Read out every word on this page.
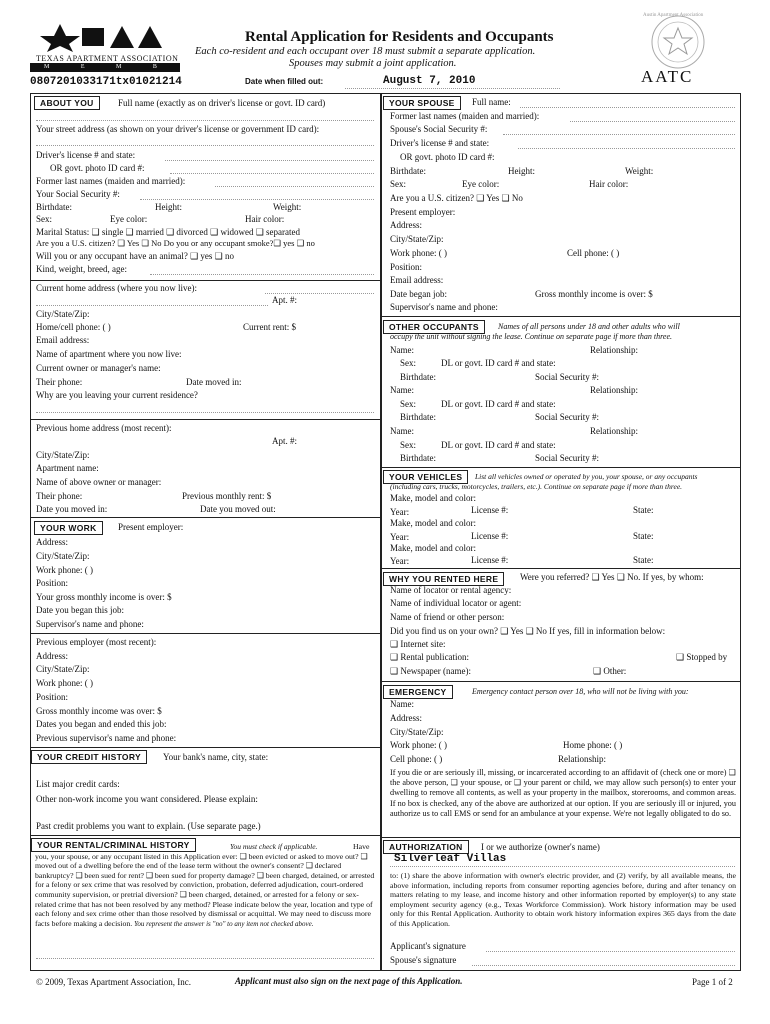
TEXAS APARTMENT ASSOCIATION
M E M B E R
Rental Application for Residents and Occupants
Each co-resident and each occupant over 18 must submit a separate application.
Spouses may submit a joint application.
0807201033171tx01021214	Date when filled out:	August 7, 2010
Austin Apartment Association
AATC
ABOUT YOU	Full name (exactly as on driver's license or govt. ID card)
Your street address (as shown on your driver's license or government ID card):
Driver's license # and state:
OR govt. photo ID card #:
Former last names (maiden and married):
Your Social Security #:
Birthdate:	Height:	Weight:
Sex:	Eye color:	Hair color:
Marital Status: ❑ single ❑ married ❑ divorced ❑ widowed ❑ separated
Are you a U.S. citizen? ❑ Yes ❑ No Do you or any occupant smoke?❑ yes ❑ no
Will you or any occupant have an animal? ❑ yes ❑ no
Kind, weight, breed, age:
Current home address (where you now live):
Apt. #:
City/State/Zip:
Home/cell phone: ( )	Current rent: $
Email address:
Name of apartment where you now live:
Current owner or manager's name:
Their phone:	Date moved in:
Why are you leaving your current residence?
Previous home address (most recent):
Apt. #:
City/State/Zip:
Apartment name:
Name of above owner or manager:
Their phone:	Previous monthly rent: $
Date you moved in:	Date you moved out:
YOUR WORK	Present employer:
Address:
City/State/Zip:
Work phone: ( )
Position:
Your gross monthly income is over: $
Date you began this job:
Supervisor's name and phone:
Previous employer (most recent):
Address:
City/State/Zip:
Work phone: ( )
Position:
Gross monthly income was over: $
Dates you began and ended this job:
Previous supervisor's name and phone:
YOUR CREDIT HISTORY	Your bank's name, city, state:
List major credit cards:
Other non-work income you want considered. Please explain:
Past credit problems you want to explain. (Use separate page.)
YOUR RENTAL/CRIMINAL HISTORY	You must check if applicable.	Have you, your spouse, or any occupant listed in this Application ever: ❑ been evicted or asked to move out? ❑ moved out of a dwelling before the end of the lease term without the owner's consent? ❑ declared bankruptcy? ❑ been sued for rent? ❑ been sued for property damage? ❑ been charged, detained, or arrested for a felony or sex crime that was resolved by conviction, probation, deferred adjudication, court-ordered community supervision, or pretrial diversion? ❑ been charged, detained, or arrested for a felony or sex-related crime that has not been resolved by any method? Please indicate below the year, location and type of each felony and sex crime other than those resolved by dismissal or acquittal. We may need to discuss more facts before making a decision. You represent the answer is "no" to any item not checked above.
YOUR SPOUSE	Full name:
Former last names (maiden and married):
Spouse's Social Security #:
Driver's license # and state:
OR govt. photo ID card #:
Birthdate:	Height:	Weight:
Sex:	Eye color:	Hair color:
Are you a U.S. citizen? ❑ Yes ❑ No
Present employer:
Address:
City/State/Zip:
Work phone: ( )	Cell phone: ( )
Position:
Email address:
Date began job:	Gross monthly income is over: $
Supervisor's name and phone:
OTHER OCCUPANTS	Names of all persons under 18 and other adults who will
occupy the unit without signing the lease. Continue on separate page if more than three.
Name:	Relationship:
Sex:	DL or govt. ID card # and state:
Birthdate:	Social Security #:
Name:	Relationship:
Sex:	DL or govt. ID card # and state:
Birthdate:	Social Security #:
Name:	Relationship:
Sex:	DL or govt. ID card # and state:
Birthdate:	Social Security #:
YOUR VEHICLES	List all vehicles owned or operated by you, your spouse, or any occupants
(including cars, trucks, motorcycles, trailers, etc.). Continue on separate page if more than three.
Make, model and color:
Year:	License #:	State:
Make, model and color:
Year:	License #:	State:
Make, model and color:
Year:	License #:	State:
WHY YOU RENTED HERE	Were you referred? ❑ Yes ❑ No. If yes, by whom:
Name of locator or rental agency:
Name of individual locator or agent:
Name of friend or other person:
Did you find us on your own? ❑ Yes ❑ No If yes, fill in information below:
❑ Internet site:
❑ Rental publication:	❑ Stopped by
❑ Newspaper (name):	❑ Other:
EMERGENCY	Emergency contact person over 18, who will not be living with you:
Name:
Address:
City/State/Zip:
Work phone: ( )	Home phone: ( )
Cell phone: ( )	Relationship:
If you die or are seriously ill, missing, or incarcerated according to an affidavit of (check one or more) ❑ the above person, ❑ your spouse, or ❑ your parent or child, we may allow such person(s) to enter your dwelling to remove all contents, as well as your property in the mailbox, storerooms, and common areas. If no box is checked, any of the above are authorized at our option. If you are seriously ill or injured, you authorize us to call EMS or send for an ambulance at your expense. We're not legally obligated to do so.
AUTHORIZATION	I or we authorize (owner's name)
Silverleaf Villas
to: (1) share the above information with owner's electric provider, and (2) verify, by all available means, the above information, including reports from consumer reporting agencies before, during and after tenancy on matters relating to my lease, and income history and other information reported by employer(s) to any state employment security agency (e.g., Texas Workforce Commission). Work history information may be used only for this Rental Application. Authority to obtain work history information expires 365 days from the date of this Application.
Applicant's signature
Spouse's signature
© 2009, Texas Apartment Association, Inc.	Applicant must also sign on the next page of this Application.	Page 1 of 2
